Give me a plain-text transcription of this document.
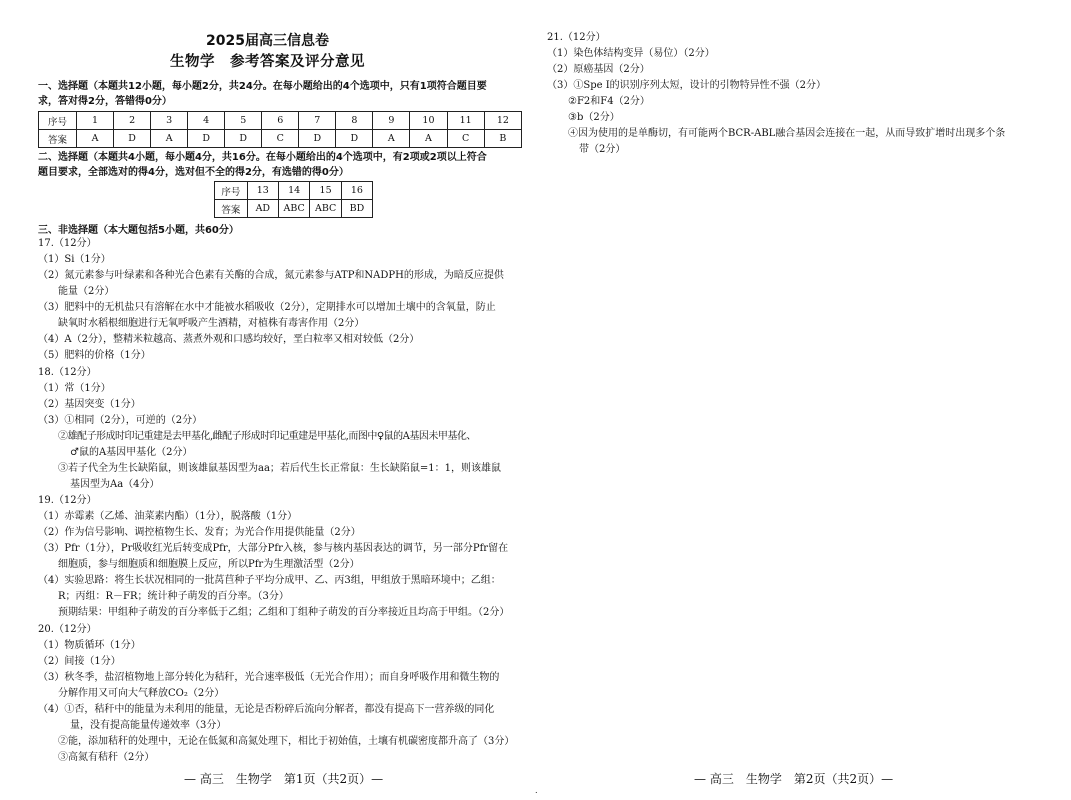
2025届高三信息卷
生物学　参考答案及评分意见
一、选择题（本题共12小题，每小题2分，共24分。在每小题给出的4个选项中，只有1项符合题目要
求，答对得2分，答错得0分）
序号	1	2	3	4	5	6	7	8	9	10	11	12
答案	A	D	A	D	D	C	D	D	A	A	C	B
二、选择题（本题共4小题，每小题4分，共16分。在每小题给出的4个选项中，有2项或2项以上符合
题目要求，全部选对的得4分，选对但不全的得2分，有选错的得0分）
序号	13	14	15	16
答案	AD	ABC	ABC	BD
三、非选择题（本大题包括5小题，共60分）
17.（12分）
（1）Si（1分）
（2）氮元素参与叶绿素和各种光合色素有关酶的合成，氮元素参与ATP和NADPH的形成，为暗反应提供
能量（2分）
（3）肥料中的无机盐只有溶解在水中才能被水稻吸收（2分），定期排水可以增加土壤中的含氧量，防止
缺氧时水稻根细胞进行无氧呼吸产生酒精，对植株有毒害作用（2分）
（4）A（2分），整精米粒越高、蒸煮外观和口感均较好，垩白粒率又相对较低（2分）
（5）肥料的价格（1分）
18.（12分）
（1）常（1分）
（2）基因突变（1分）
（3）①相同（2分），可逆的（2分）
②雄配子形成时印记重建是去甲基化,雌配子形成时印记重建是甲基化,而图中♀鼠的A基因未甲基化、
♂鼠的A基因甲基化（2分）
③若子代全为生长缺陷鼠，则该雄鼠基因型为aa；若后代生长正常鼠：生长缺陷鼠=1：1，则该雄鼠
基因型为Aa（4分）
19.（12分）
（1）赤霉素（乙烯、油菜素内酯）（1分），脱落酸（1分）
（2）作为信号影响、调控植物生长、发育；为光合作用提供能量（2分）
（3）Pfr（1分），Pr吸收红光后转变成Pfr，大部分Pfr入核，参与核内基因表达的调节，另一部分Pfr留在
细胞质，参与细胞质和细胞膜上反应，所以Pfr为生理激活型（2分）
（4）实验思路：将生长状况相同的一批莴苣种子平均分成甲、乙、丙3组，甲组放于黑暗环境中；乙组：
R；丙组：R－FR；统计种子萌发的百分率。（3分）
预期结果：甲组种子萌发的百分率低于乙组；乙组和丁组种子萌发的百分率接近且均高于甲组。（2分）
20.（12分）
（1）物质循环（1分）
（2）间接（1分）
（3）秋冬季，盐沼植物地上部分转化为秸秆，光合速率极低（无光合作用）；而自身呼吸作用和微生物的
分解作用又可向大气释放CO₂（2分）
（4）①否，秸秆中的能量为未利用的能量，无论是否粉碎后流向分解者，都没有提高下一营养级的同化
量，没有提高能量传递效率（3分）
②能，添加秸秆的处理中，无论在低氮和高氮处理下，相比于初始值，土壤有机碳密度都升高了（3分）
③高氮有秸秆（2分）
— 高三　生物学　第1页（共2页）—
.
21.（12分）
（1）染色体结构变异（易位）（2分）
（2）原癌基因（2分）
（3）①Spe Ⅰ的识别序列太短，设计的引物特异性不强（2分）
②F2和F4（2分）
③b（2分）
④因为使用的是单酶切，有可能两个BCR-ABL融合基因会连接在一起，从而导致扩增时出现多个条
带（2分）
— 高三　生物学　第2页（共2页）—
